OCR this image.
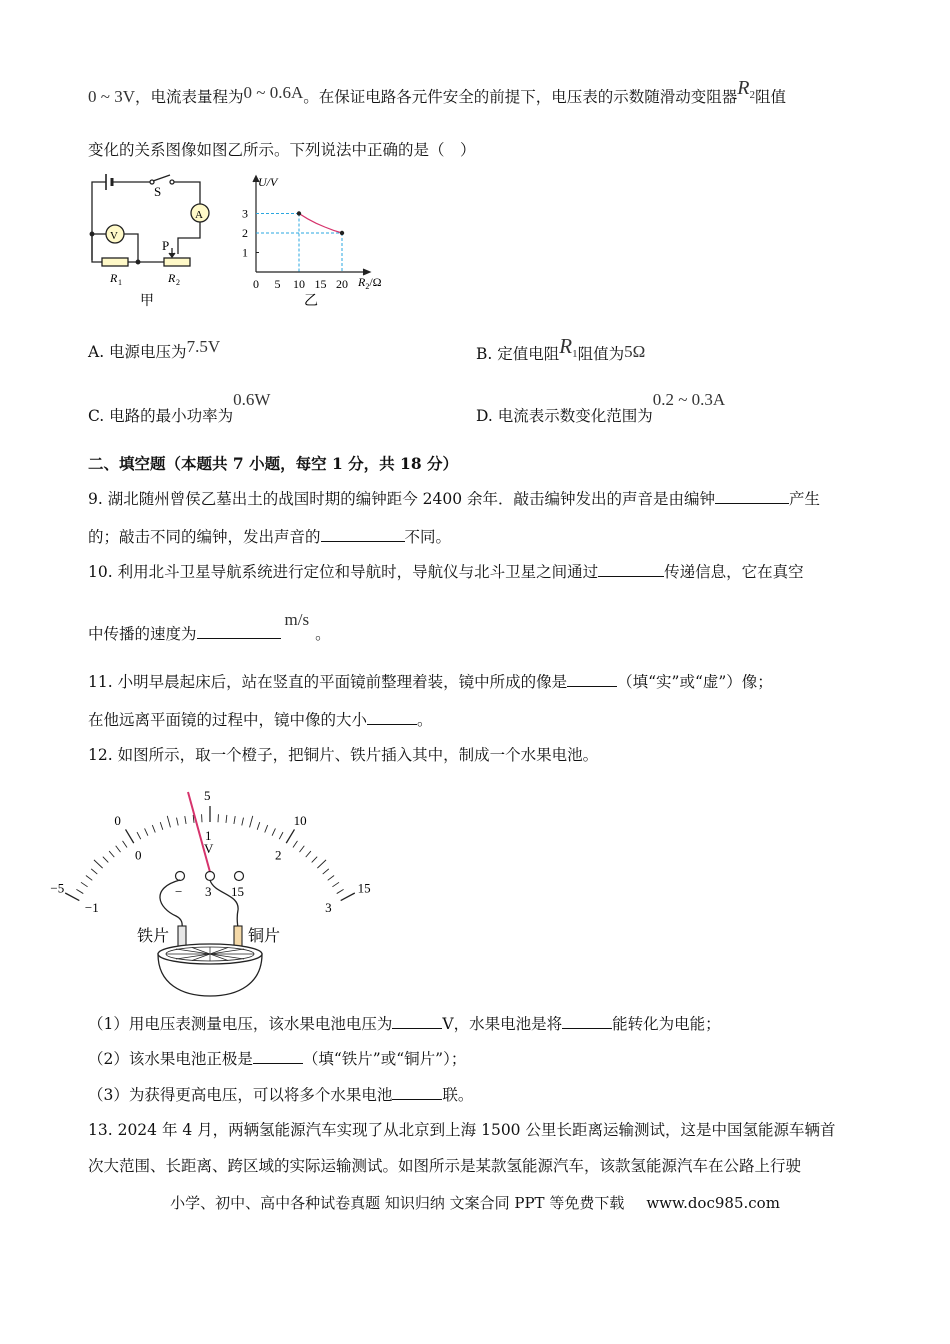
0 ~ 3V，电流表量程为0 ~ 0.6A。在保证电路各元件安全的前提下，电压表的示数随滑动变阻器$R^2$阻值
变化的关系图像如图乙所示。下列说法中正确的是（　）
S
A
V
P
R 1	R 2
甲
0 5 10 15 20
1
2
3
U/V
$R_2/\Omega$
乙
A. 电源电压为7.5V	B. 定值电阻R1阻值为5Ω
C. 电路的最小功率为0.6W
D. 电流表示数变化范围为0.2 ~ 0.3A
二、填空题（本题共 7 小题，每空 1 分，共 18 分）
9. 湖北随州曾侯乙墓出土的战国时期的编钟距今 2400 余年．敲击编钟发出的声音是由编钟	产生
的；敲击不同的编钟，发出声音的	不同。
10. 利用北斗卫星导航系统进行定位和导航时，导航仪与北斗卫星之间通过	传递信息，它在真空
中传播的速度为m/s。
11. 小明早晨起床后，站在竖直的平面镜前整理着装，镜中所成的像是	（填“实”或“虚”）像；
在他远离平面镜的过程中，镜中像的大小	。
12. 如图所示，取一个橙子，把铜片、铁片插入其中，制成一个水果电池。
−5
0
5
10
15
−1
0
1
2
3
V
− 3 15
铁片	铜片
（1）用电压表测量电压，该水果电池电压为	V，水果电池是将	能转化为电能；
（2）该水果电池正极是	（填“铁片”或“铜片”）；
（3）为获得更高电压，可以将多个水果电池	联。
13. 2024 年 4 月，两辆氢能源汽车实现了从北京到上海 1500 公里长距离运输测试，这是中国氢能源车辆首
次大范围、长距离、跨区域的实际运输测试。如图所示是某款氢能源汽车，该款氢能源汽车在公路上行驶
小学、初中、高中各种试卷真题 知识归纳 文案合同 PPT 等免费下载 www.doc985.com
